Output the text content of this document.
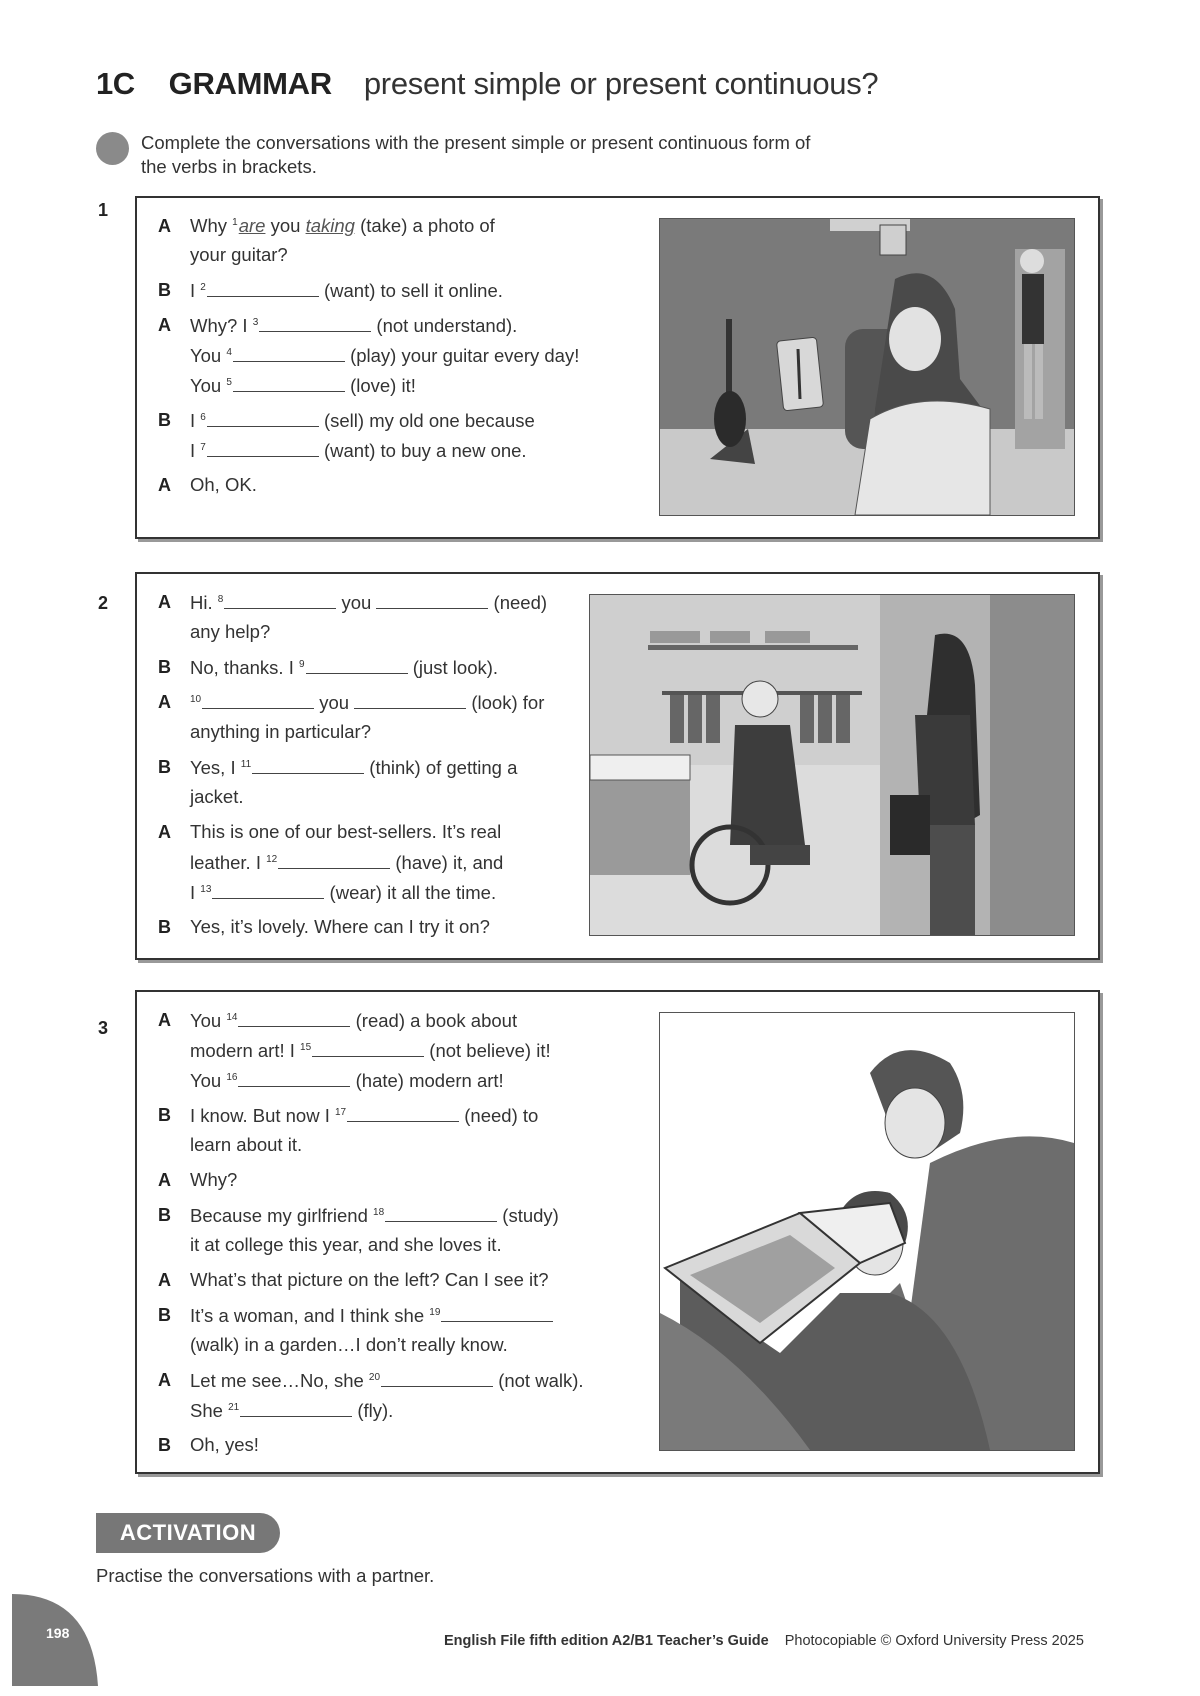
1C GRAMMAR present simple or present continuous?
Complete the conversations with the present simple or present continuous form of the verbs in brackets.
1
A Why $^1$are you taking (take) a photo of
your guitar?
B I $^2$	(want) to sell it online.
A Why? I $^3$	(not understand).
You $^4$	(play) your guitar every day!
You $^5$	(love) it!
B I $^6$	(sell) my old one because
I $^7$	(want) to buy a new one.
A Oh, OK.
2	A Hi. $^8$	you	(need)
any help?
B No, thanks. I $^9$	(just look).
A $^{10}$	you	(look) for
anything in particular?
B Yes, I $^{11}$	(think) of getting a
jacket.
A This is one of our best-sellers. It’s real
leather. I $^{12}$	(have) it, and
I $^{13}$	(wear) it all the time.
B Yes, it’s lovely. Where can I try it on?
3	A You $^{14}$	(read) a book about
modern art! I $^{15}$	(not believe) it!
You $^{16}$	(hate) modern art!
B I know. But now I $^{17}$	(need) to
learn about it.
A Why?
B Because my girlfriend $^{18}$	(study)
it at college this year, and she loves it.
A What’s that picture on the left? Can I see it?
B It’s a woman, and I think she $^{19}$
(walk) in a garden…I don’t really know.
A Let me see…No, she $^{20}$	(not walk).
She $^{21}$	(fly).
B Oh, yes!
ACTIVATION
Practise the conversations with a partner.
198	English File fifth edition A2/B1 Teacher’s Guide Photocopiable © Oxford University Press 2025
